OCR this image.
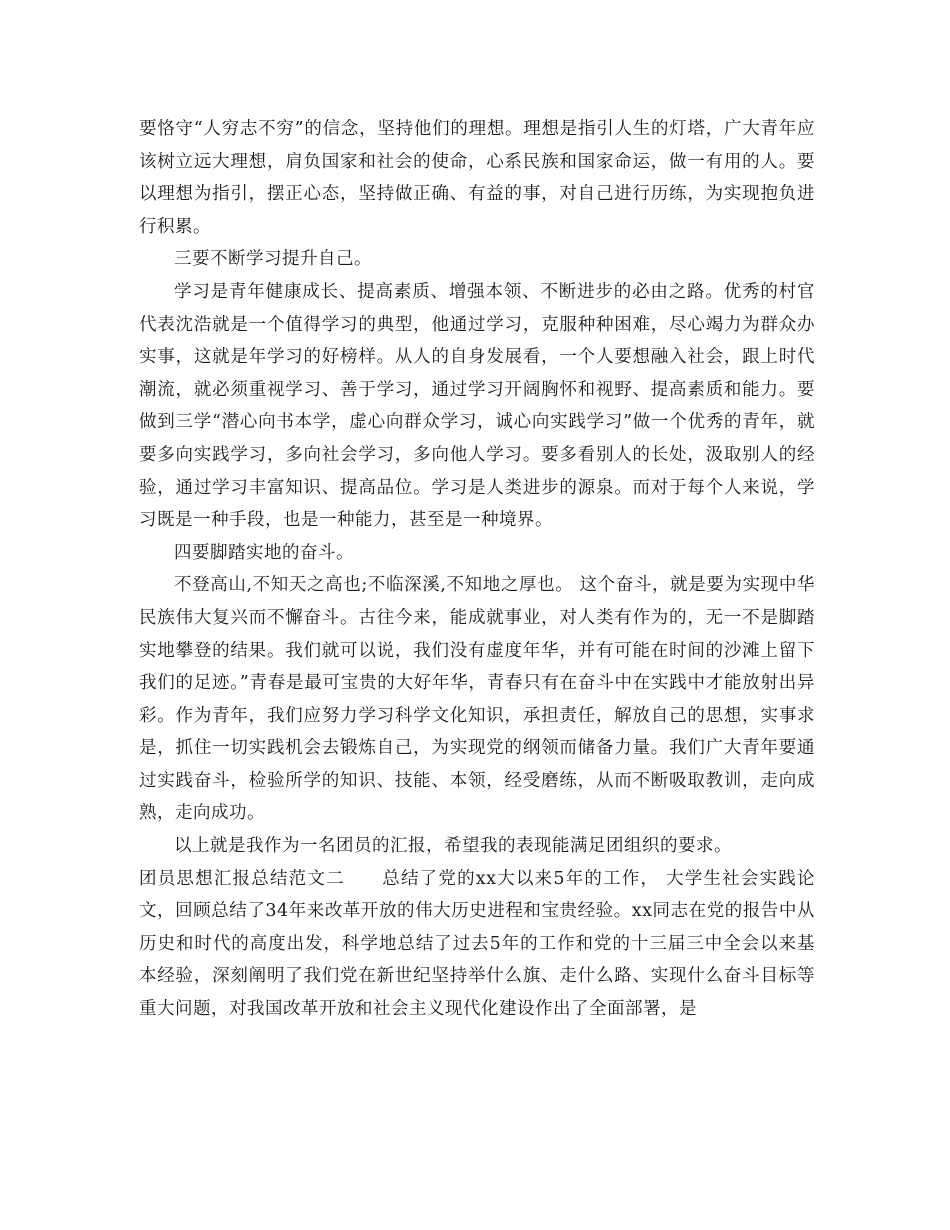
要恪守“人穷志不穷”的信念，坚持他们的理想。理想是指引人生的灯塔，广大青年应该树立远大理想，肩负国家和社会的使命，心系民族和国家命运，做一有用的人。要以理想为指引，摆正心态，坚持做正确、有益的事，对自己进行历练，为实现抱负进行积累。

三要不断学习提升自己。

学习是青年健康成长、提高素质、增强本领、不断进步的必由之路。优秀的村官代表沈浩就是一个值得学习的典型，他通过学习，克服种种困难，尽心竭力为群众办实事，这就是年学习的好榜样。从人的自身发展看，一个人要想融入社会，跟上时代潮流，就必须重视学习、善于学习，通过学习开阔胸怀和视野、提高素质和能力。要做到三学“潜心向书本学，虚心向群众学习，诚心向实践学习”做一个优秀的青年，就要多向实践学习，多向社会学习，多向他人学习。要多看别人的长处，汲取别人的经验，通过学习丰富知识、提高品位。学习是人类进步的源泉。而对于每个人来说，学习既是一种手段，也是一种能力，甚至是一种境界。

四要脚踏实地的奋斗。

不登高山,不知天之高也;不临深溪,不知地之厚也。 这个奋斗，就是要为实现中华民族伟大复兴而不懈奋斗。古往今来，能成就事业，对人类有作为的，无一不是脚踏实地攀登的结果。我们就可以说，我们没有虚度年华，并有可能在时间的沙滩上留下我们的足迹。”青春是最可宝贵的大好年华，青春只有在奋斗中在实践中才能放射出异彩。作为青年，我们应努力学习科学文化知识，承担责任，解放自己的思想，实事求是，抓住一切实践机会去锻炼自己，为实现党的纲领而储备力量。我们广大青年要通过实践奋斗，检验所学的知识、技能、本领，经受磨练，从而不断吸取教训，走向成熟，走向成功。

以上就是我作为一名团员的汇报，希望我的表现能满足团组织的要求。

团员思想汇报总结范文二　　总结了党的xx大以来5年的工作， 大学生社会实践论文，回顾总结了34年来改革开放的伟大历史进程和宝贵经验。xx同志在党的报告中从历史和时代的高度出发，科学地总结了过去5年的工作和党的十三届三中全会以来基本经验，深刻阐明了我们党在新世纪坚持举什么旗、走什么路、实现什么奋斗目标等重大问题，对我国改革开放和社会主义现代化建设作出了全面部署，是
